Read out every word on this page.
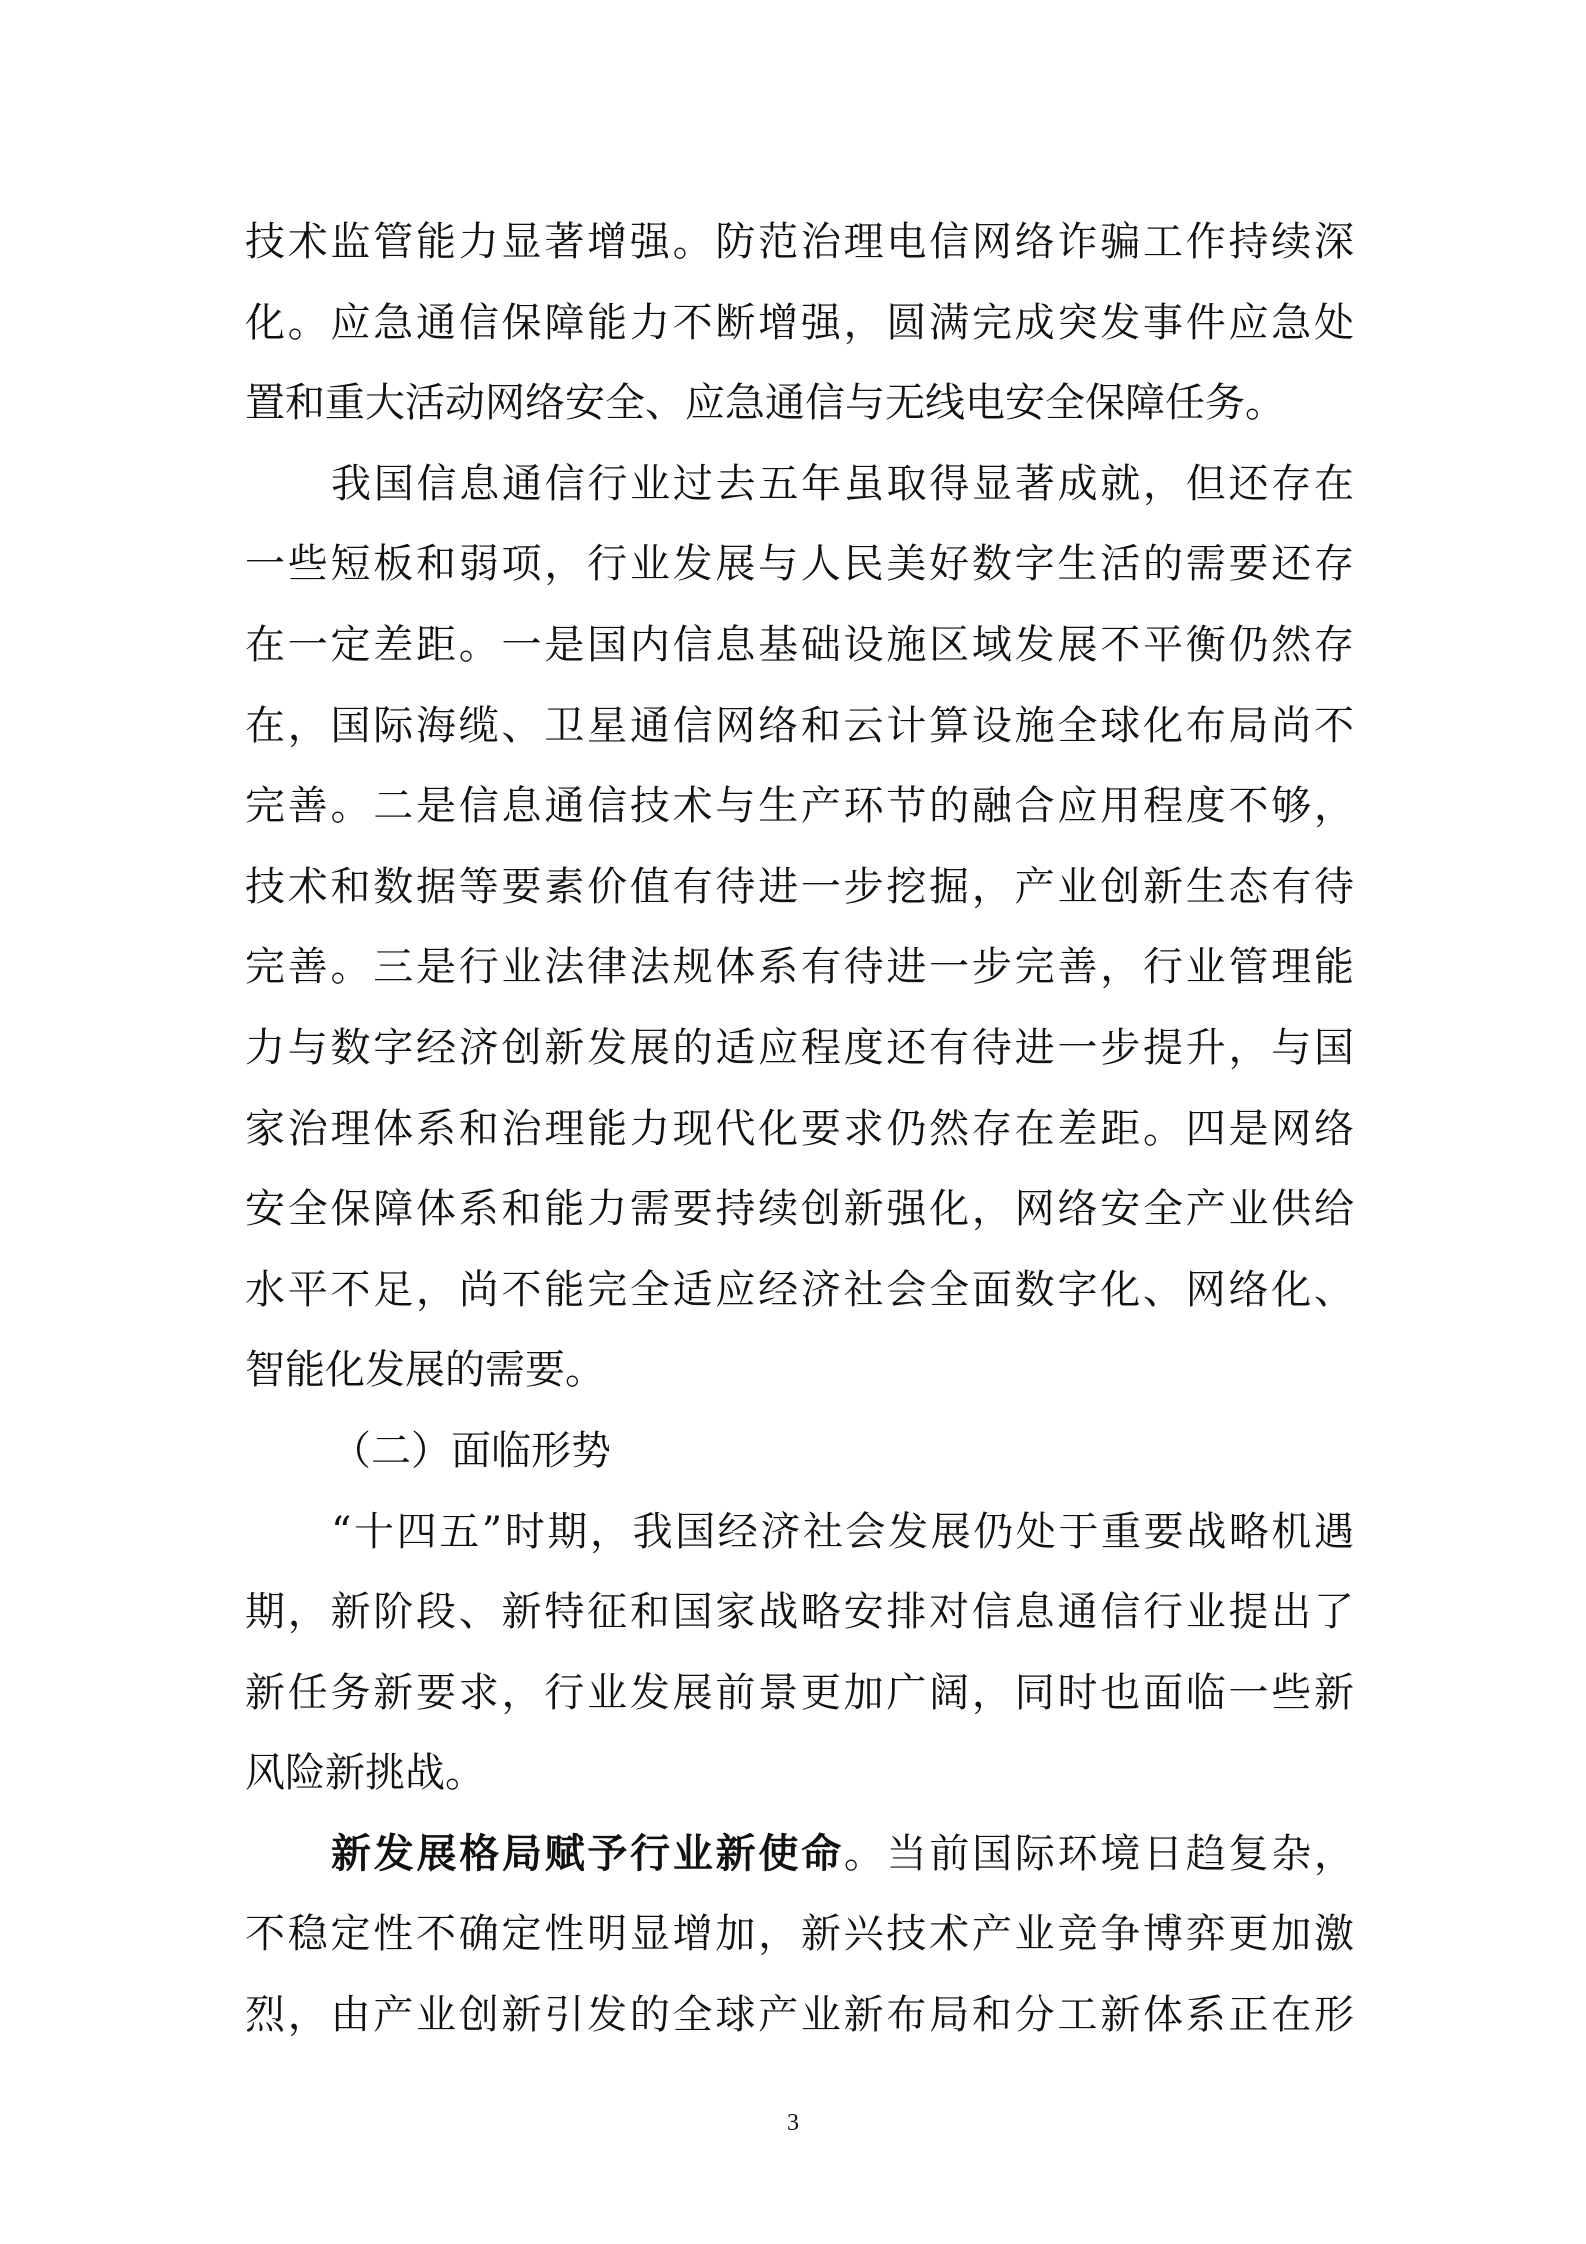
技术监管能力显著增强。防范治理电信网络诈骗工作持续深
化。应急通信保障能力不断增强，圆满完成突发事件应急处
置和重大活动网络安全、应急通信与无线电安全保障任务。
我国信息通信行业过去五年虽取得显著成就，但还存在
一些短板和弱项，行业发展与人民美好数字生活的需要还存
在一定差距。一是国内信息基础设施区域发展不平衡仍然存
在，国际海缆、卫星通信网络和云计算设施全球化布局尚不
完善。二是信息通信技术与生产环节的融合应用程度不够，
技术和数据等要素价值有待进一步挖掘，产业创新生态有待
完善。三是行业法律法规体系有待进一步完善，行业管理能
力与数字经济创新发展的适应程度还有待进一步提升，与国
家治理体系和治理能力现代化要求仍然存在差距。四是网络
安全保障体系和能力需要持续创新强化，网络安全产业供给
水平不足，尚不能完全适应经济社会全面数字化、网络化、
智能化发展的需要。
（二）面临形势
“十四五”时期，我国经济社会发展仍处于重要战略机遇
期，新阶段、新特征和国家战略安排对信息通信行业提出了
新任务新要求，行业发展前景更加广阔，同时也面临一些新
风险新挑战。
新发展格局赋予行业新使命。当前国际环境日趋复杂，
不稳定性不确定性明显增加，新兴技术产业竞争博弈更加激
烈，由产业创新引发的全球产业新布局和分工新体系正在形
3
